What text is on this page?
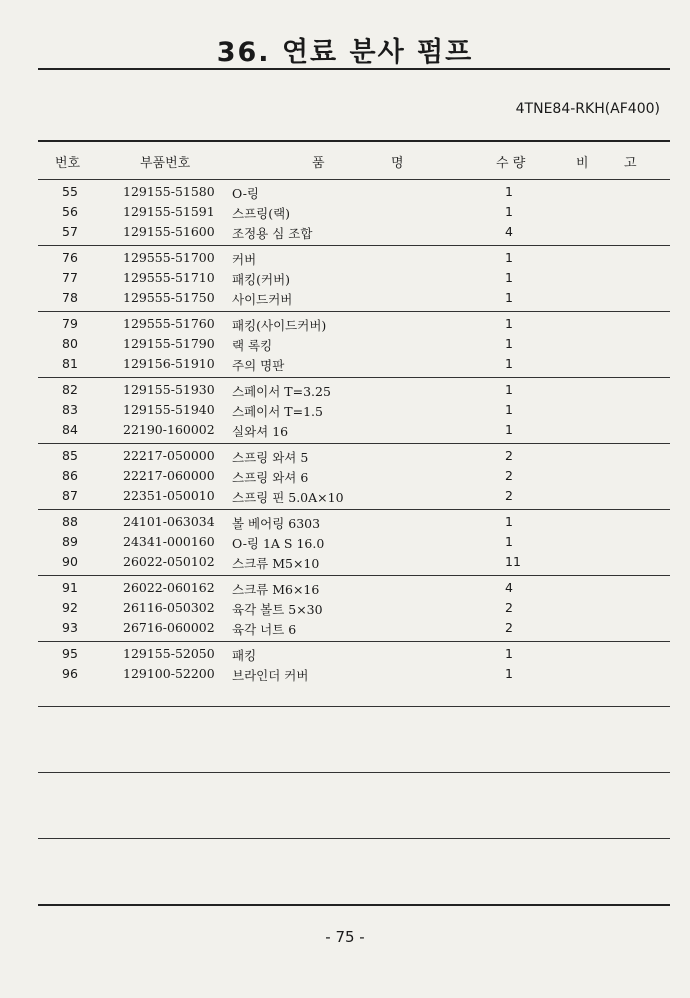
36. 연료 분사 펌프
4TNE84-RKH(AF400)
번호	부품번호	품	명	수 량	비	고
55	129155-51580 O-링	1
56	129155-51591 스프링(랙)	1
57	129155-51600 조정용 심 조합	4
76	129555-51700 커버	1
77	129555-51710 패킹(커버)	1
78	129555-51750 사이드커버	1
79	129555-51760 패킹(사이드커버)	1
80	129155-51790 랙 록킹	1
81	129156-51910 주의 명판	1
82	129155-51930 스페이서 T=3.25	1
83	129155-51940 스페이서 T=1.5	1
84	22190-160002 실와셔 16	1
85	22217-050000 스프링 와셔 5	2
86	22217-060000 스프링 와셔 6	2
87	22351-050010 스프링 핀 5.0A×10	2
88	24101-063034 볼 베어링 6303	1
89	24341-000160 O-링 1A S 16.0	1
90	26022-050102 스크류 M5×10	11
91	26022-060162 스크류 M6×16	4
92	26116-050302 육각 볼트 5×30	2
93	26716-060002 육각 너트 6	2
95	129155-52050 패킹	1
96	129100-52200 브라인더 커버	1
- 75 -
